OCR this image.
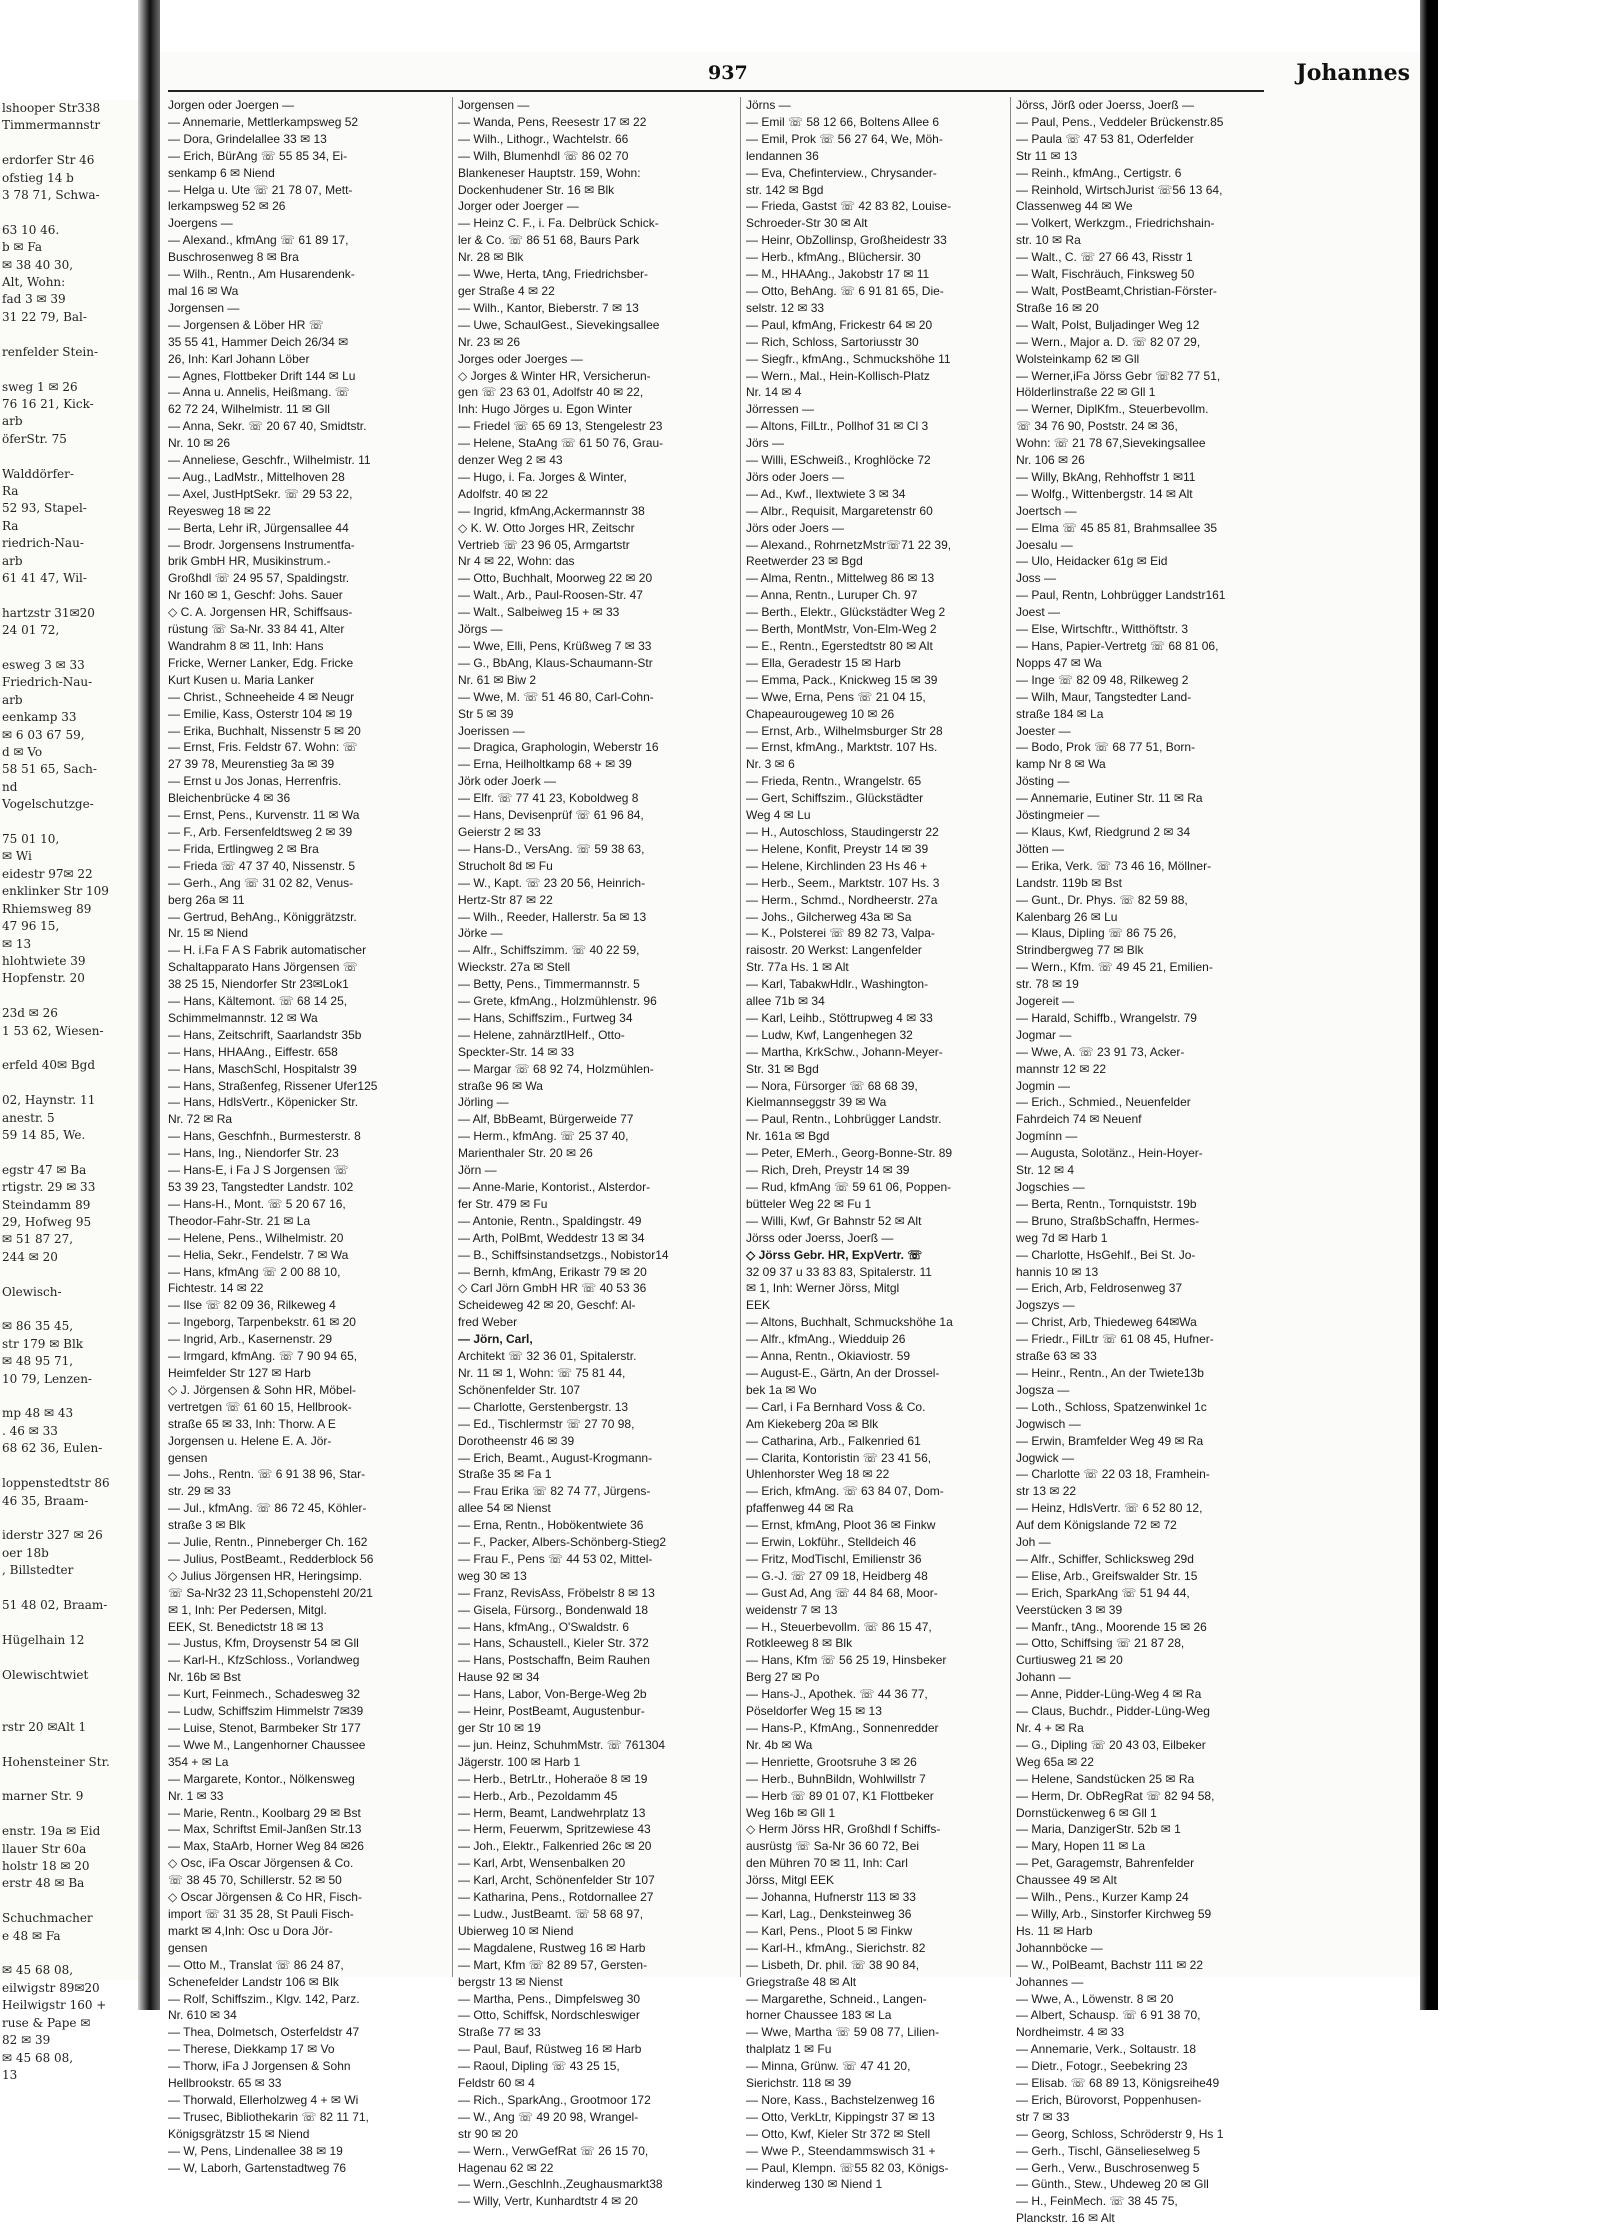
lshooper Str338
Timmermannstr

erdorfer Str 46
ofstieg 14 b
3 78 71, Schwa-

63 10 46.
b ✉ Fa
✉ 38 40 30,
Alt, Wohn:
fad 3 ✉ 39
31 22 79, Bal-

renfelder Stein-

sweg 1 ✉ 26
76 16 21, Kick-
arb
öferStr. 75

Walddörfer-
Ra
52 93, Stapel-
Ra
riedrich-Nau-
arb
61 41 47, Wil-

hartzstr 31✉20
24 01 72,

esweg 3 ✉ 33
Friedrich-Nau-
arb
eenkamp 33
✉ 6 03 67 59,
d ✉ Vo
58 51 65, Sach-
nd
Vogelschutzge-

75 01 10,
✉ Wi
eidestr 97✉ 22
enklinker Str 109
Rhiemsweg 89
47 96 15,
✉ 13
hlohtwiete 39
Hopfenstr. 20

23d ✉ 26
1 53 62, Wiesen-

erfeld 40✉ Bgd

02, Haynstr. 11
anestr. 5
59 14 85, We.

egstr 47 ✉ Ba
rtigstr. 29 ✉ 33
Steindamm 89
29, Hofweg 95
✉ 51 87 27,
244 ✉ 20

Olewisch-

✉ 86 35 45,
str 179 ✉ Blk
✉ 48 95 71,
10 79, Lenzen-

mp 48 ✉ 43
. 46 ✉ 33
68 62 36, Eulen-

loppenstedtstr 86
46 35, Braam-

iderstr 327 ✉ 26
oer 18b
, Billstedter

51 48 02, Braam-

Hügelhain 12

Olewischtwiet

rstr 20 ✉Alt 1

Hohensteiner Str.

marner Str. 9

enstr. 19a ✉ Eid
llauer Str 60a
holstr 18 ✉ 20
erstr 48 ✉ Ba

Schuchmacher
e 48 ✉ Fa

✉ 45 68 08,
eilwigstr 89✉20
Heilwigstr 160 +
ruse & Pape ✉
82 ✉ 39
✉ 45 68 08,
13
937	Johannes
Jorgen oder Joergen —
— Annemarie, Mettlerkampsweg 52
— Dora, Grindelallee 33 ✉ 13
— Erich, BürAng ☏ 55 85 34, Ei-
senkamp 6 ✉ Niend
— Helga u. Ute ☏ 21 78 07, Mett-
lerkampsweg 52 ✉ 26
Joergens —
— Alexand., kfmAng ☏ 61 89 17,
Buschrosenweg 8 ✉ Bra
— Wilh., Rentn., Am Husarendenk-
mal 16 ✉ Wa
Jorgensen —
— Jorgensen & Löber HR ☏
35 55 41, Hammer Deich 26/34 ✉
26, Inh: Karl Johann Löber
— Agnes, Flottbeker Drift 144 ✉ Lu
— Anna u. Annelis, Heißmang. ☏
62 72 24, Wilhelmistr. 11 ✉ Gll
— Anna, Sekr. ☏ 20 67 40, Smidtstr.
Nr. 10 ✉ 26
— Anneliese, Geschfr., Wilhelmistr. 11
— Aug., LadMstr., Mittelhoven 28
— Axel, JustHptSekr. ☏ 29 53 22,
Reyesweg 18 ✉ 22
— Berta, Lehr iR, Jürgensallee 44
— Brodr. Jorgensens Instrumentfa-
brik GmbH HR, Musikinstrum.-
Großhdl ☏ 24 95 57, Spaldingstr.
Nr 160 ✉ 1, Geschf: Johs. Sauer
◇ C. A. Jorgensen HR, Schiffsaus-
rüstung ☏ Sa-Nr. 33 84 41, Alter
Wandrahm 8 ✉ 11, Inh: Hans
Fricke, Werner Lanker, Edg. Fricke
Kurt Kusen u. Maria Lanker
— Christ., Schneeheide 4 ✉ Neugr
— Emilie, Kass, Osterstr 104 ✉ 19
— Erika, Buchhalt, Nissenstr 5 ✉ 20
— Ernst, Fris. Feldstr 67. Wohn: ☏
27 39 78, Meurenstieg 3a ✉ 39
— Ernst u Jos Jonas, Herrenfris.
Bleichenbrücke 4 ✉ 36
— Ernst, Pens., Kurvenstr. 11 ✉ Wa
— F., Arb. Fersenfeldtsweg 2 ✉ 39
— Frida, Ertlingweg 2 ✉ Bra
— Frieda ☏ 47 37 40, Nissenstr. 5
— Gerh., Ang ☏ 31 02 82, Venus-
berg 26a ✉ 11
— Gertrud, BehAng., Königgrätzstr.
Nr. 15 ✉ Niend
— H. i.Fa F A S Fabrik automatischer
Schaltapparato Hans Jörgensen ☏
38 25 15, Niendorfer Str 23✉Lok1
— Hans, Kältemont. ☏ 68 14 25,
Schimmelmannstr. 12 ✉ Wa
— Hans, Zeitschrift, Saarlandstr 35b
— Hans, HHAAng., Eiffestr. 658
— Hans, MaschSchl, Hospitalstr 39
— Hans, Straßenfeg, Rissener Ufer125
— Hans, HdlsVertr., Köpenicker Str.
Nr. 72 ✉ Ra
— Hans, Geschfnh., Burmesterstr. 8
— Hans, Ing., Niendorfer Str. 23
— Hans-E, i Fa J S Jorgensen ☏
53 39 23, Tangstedter Landstr. 102
— Hans-H., Mont. ☏ 5 20 67 16,
Theodor-Fahr-Str. 21 ✉ La
— Helene, Pens., Wilhelmistr. 20
— Helia, Sekr., Fendelstr. 7 ✉ Wa
— Hans, kfmAng ☏ 2 00 88 10,
Fichtestr. 14 ✉ 22
— Ilse ☏ 82 09 36, Rilkeweg 4
— Ingeborg, Tarpenbekstr. 61 ✉ 20
— Ingrid, Arb., Kasernenstr. 29
— Irmgard, kfmAng. ☏ 7 90 94 65,
Heimfelder Str 127 ✉ Harb
◇ J. Jörgensen & Sohn HR, Möbel-
vertretgen ☏ 61 60 15, Hellbrook-
straße 65 ✉ 33, Inh: Thorw. A E
Jorgensen u. Helene E. A. Jör-
gensen
— Johs., Rentn. ☏ 6 91 38 96, Star-
str. 29 ✉ 33
— Jul., kfmAng. ☏ 86 72 45, Köhler-
straße 3 ✉ Blk
— Julie, Rentn., Pinneberger Ch. 162
— Julius, PostBeamt., Redderblock 56
◇ Julius Jörgensen HR, Heringsimp.
☏ Sa-Nr32 23 11,Schopenstehl 20/21
✉ 1, Inh: Per Pedersen, Mitgl.
EEK, St. Benedictstr 18 ✉ 13
— Justus, Kfm, Droysenstr 54 ✉ Gll
— Karl-H., KfzSchloss., Vorlandweg
Nr. 16b ✉ Bst
— Kurt, Feinmech., Schadesweg 32
— Ludw, Schiffszim Himmelstr 7✉39
— Luise, Stenot, Barmbeker Str 177
— Wwe M., Langenhorner Chaussee
354 + ✉ La
— Margarete, Kontor., Nölkensweg
Nr. 1 ✉ 33
— Marie, Rentn., Koolbarg 29 ✉ Bst
— Max, Schriftst Emil-Janßen Str.13
— Max, StaArb, Horner Weg 84 ✉26
◇ Osc, iFa Oscar Jörgensen & Co.
☏ 38 45 70, Schillerstr. 52 ✉ 50
◇ Oscar Jörgensen & Co HR, Fisch-
import ☏ 31 35 28, St Pauli Fisch-
markt ✉ 4,Inh: Osc u Dora Jör-
gensen
— Otto M., Translat ☏ 86 24 87,
Schenefelder Landstr 106 ✉ Blk
— Rolf, Schiffszim., Klgv. 142, Parz.
Nr. 610 ✉ 34
— Thea, Dolmetsch, Osterfeldstr 47
— Therese, Diekkamp 17 ✉ Vo
— Thorw, iFa J Jorgensen & Sohn
Hellbrookstr. 65 ✉ 33
— Thorwald, Ellerholzweg 4 + ✉ Wi
— Trusec, Bibliothekarin ☏ 82 11 71,
Königsgrätzstr 15 ✉ Niend
— W, Pens, Lindenallee 38 ✉ 19
— W, Laborh, Gartenstadtweg 76
Jorgensen —
— Wanda, Pens, Reesestr 17 ✉ 22
— Wilh., Lithogr., Wachtelstr. 66
— Wilh, Blumenhdl ☏ 86 02 70
Blankeneser Hauptstr. 159, Wohn:
Dockenhudener Str. 16 ✉ Blk
Jorger oder Joerger —
— Heinz C. F., i. Fa. Delbrück Schick-
ler & Co. ☏ 86 51 68, Baurs Park
Nr. 28 ✉ Blk
— Wwe, Herta, tAng, Friedrichsber-
ger Straße 4 ✉ 22
— Wilh., Kantor, Bieberstr. 7 ✉ 13
— Uwe, SchaulGest., Sievekingsallee
Nr. 23 ✉ 26
Jorges oder Joerges —
◇ Jorges & Winter HR, Versicherun-
gen ☏ 23 63 01, Adolfstr 40 ✉ 22,
Inh: Hugo Jörges u. Egon Winter
— Friedel ☏ 65 69 13, Stengelestr 23
— Helene, StaAng ☏ 61 50 76, Grau-
denzer Weg 2 ✉ 43
— Hugo, i. Fa. Jorges & Winter,
Adolfstr. 40 ✉ 22
— Ingrid, kfmAng,Ackermannstr 38
◇ K. W. Otto Jorges HR, Zeitschr
Vertrieb ☏ 23 96 05, Armgartstr
Nr 4 ✉ 22, Wohn: das
— Otto, Buchhalt, Moorweg 22 ✉ 20
— Walt., Arb., Paul-Roosen-Str. 47
— Walt., Salbeiweg 15 + ✉ 33
Jörgs —
— Wwe, Elli, Pens, Krüßweg 7 ✉ 33
— G., BbAng, Klaus-Schaumann-Str
Nr. 61 ✉ Biw 2
— Wwe, M. ☏ 51 46 80, Carl-Cohn-
Str 5 ✉ 39
Joerissen —
— Dragica, Graphologin, Weberstr 16
— Erna, Heilholtkamp 68 + ✉ 39
Jörk oder Joerk —
— Elfr. ☏ 77 41 23, Koboldweg 8
— Hans, Devisenprüf ☏ 61 96 84,
Geierstr 2 ✉ 33
— Hans-D., VersAng. ☏ 59 38 63,
Strucholt 8d ✉ Fu
— W., Kapt. ☏ 23 20 56, Heinrich-
Hertz-Str 87 ✉ 22
— Wilh., Reeder, Hallerstr. 5a ✉ 13
Jörke —
— Alfr., Schiffszimm. ☏ 40 22 59,
Wieckstr. 27a ✉ Stell
— Betty, Pens., Timmermannstr. 5
— Grete, kfmAng., Holzmühlenstr. 96
— Hans, Schiffszim., Furtweg 34
— Helene, zahnärztlHelf., Otto-
Speckter-Str. 14 ✉ 33
— Margar ☏ 68 92 74, Holzmühlen-
straße 96 ✉ Wa
Jörling —
— Alf, BbBeamt, Bürgerweide 77
— Herm., kfmAng. ☏ 25 37 40,
Marienthaler Str. 20 ✉ 26
Jörn —
— Anne-Marie, Kontorist., Alsterdor-
fer Str. 479 ✉ Fu
— Antonie, Rentn., Spaldingstr. 49
— Arth, PolBmt, Weddestr 13 ✉ 34
— B., Schiffsinstandsetzgs., Nobistor14
— Bernh, kfmAng, Erikastr 79 ✉ 20
◇ Carl Jörn GmbH HR ☏ 40 53 36
Scheideweg 42 ✉ 20, Geschf: Al-
fred Weber
— Jörn, Carl,
Architekt ☏ 32 36 01, Spitalerstr.
Nr. 11 ✉ 1, Wohn: ☏ 75 81 44,
Schönenfelder Str. 107
— Charlotte, Gerstenbergstr. 13
— Ed., Tischlermstr ☏ 27 70 98,
Dorotheenstr 46 ✉ 39
— Erich, Beamt., August-Krogmann-
Straße 35 ✉ Fa 1
— Frau Erika ☏ 82 74 77, Jürgens-
allee 54 ✉ Nienst
— Erna, Rentn., Hobökentwiete 36
— F., Packer, Albers-Schönberg-Stieg2
— Frau F., Pens ☏ 44 53 02, Mittel-
weg 30 ✉ 13
— Franz, RevisAss, Fröbelstr 8 ✉ 13
— Gisela, Fürsorg., Bondenwald 18
— Hans, kfmAng., O'Swaldstr. 6
— Hans, Schaustell., Kieler Str. 372
— Hans, Postschaffn, Beim Rauhen
Hause 92 ✉ 34
— Hans, Labor, Von-Berge-Weg 2b
— Heinr, PostBeamt, Augustenbur-
ger Str 10 ✉ 19
— jun. Heinz, SchuhmMstr. ☏ 761304
Jägerstr. 100 ✉ Harb 1
— Herb., BetrLtr., Hoheraöe 8 ✉ 19
— Herb., Arb., Pezoldamm 45
— Herm, Beamt, Landwehrplatz 13
— Herm, Feuerwm, Spritzewiese 43
— Joh., Elektr., Falkenried 26c ✉ 20
— Karl, Arbt, Wensenbalken 20
— Karl, Archt, Schönenfelder Str 107
— Katharina, Pens., Rotdornallee 27
— Ludw., JustBeamt. ☏ 58 68 97,
Ubierweg 10 ✉ Niend
— Magdalene, Rustweg 16 ✉ Harb
— Mart, Kfm ☏ 82 89 57, Gersten-
bergstr 13 ✉ Nienst
— Martha, Pens., Dimpfelsweg 30
— Otto, Schiffsk, Nordschleswiger
Straße 77 ✉ 33
— Paul, Bauf, Rüstweg 16 ✉ Harb
— Raoul, Dipling ☏ 43 25 15,
Feldstr 60 ✉ 4
— Rich., SparkAng., Grootmoor 172
— W., Ang ☏ 49 20 98, Wrangel-
str 90 ✉ 20
— Wern., VerwGefRat ☏ 26 15 70,
Hagenau 62 ✉ 22
— Wern.,Geschlnh.,Zeughausmarkt38
— Willy, Vertr, Kunhardtstr 4 ✉ 20
Jörns —
— Emil ☏ 58 12 66, Boltens Allee 6
— Emil, Prok ☏ 56 27 64, We, Möh-
lendannen 36
— Eva, Chefinterview., Chrysander-
str. 142 ✉ Bgd
— Frieda, Gastst ☏ 42 83 82, Louise-
Schroeder-Str 30 ✉ Alt
— Heinr, ObZollinsp, Großheidestr 33
— Herb., kfmAng., Blüchersir. 30
— M., HHAAng., Jakobstr 17 ✉ 11
— Otto, BehAng. ☏ 6 91 81 65, Die-
selstr. 12 ✉ 33
— Paul, kfmAng, Frickestr 64 ✉ 20
— Rich, Schloss, Sartoriusstr 30
— Siegfr., kfmAng., Schmuckshöhe 11
— Wern., Mal., Hein-Kollisch-Platz
Nr. 14 ✉ 4
Jörressen —
— Altons, FilLtr., Pollhof 31 ✉ Cl 3
Jörs —
— Willi, ESchweiß., Kroghlöcke 72
Jörs oder Joers —
— Ad., Kwf., Ilextwiete 3 ✉ 34
— Albr., Requisit, Margaretenstr 60
Jörs oder Joers —
— Alexand., RohrnetzMstr☏71 22 39,
Reetwerder 23 ✉ Bgd
— Alma, Rentn., Mittelweg 86 ✉ 13
— Anna, Rentn., Luruper Ch. 97
— Berth., Elektr., Glückstädter Weg 2
— Berth, MontMstr, Von-Elm-Weg 2
— E., Rentn., Egerstedtstr 80 ✉ Alt
— Ella, Geradestr 15 ✉ Harb
— Emma, Pack., Knickweg 15 ✉ 39
— Wwe, Erna, Pens ☏ 21 04 15,
Chapeaurougeweg 10 ✉ 26
— Ernst, Arb., Wilhelmsburger Str 28
— Ernst, kfmAng., Marktstr. 107 Hs.
Nr. 3 ✉ 6
— Frieda, Rentn., Wrangelstr. 65
— Gert, Schiffszim., Glückstädter
Weg 4 ✉ Lu
— H., Autoschloss, Staudingerstr 22
— Helene, Konfit, Preystr 14 ✉ 39
— Helene, Kirchlinden 23 Hs 46 +
— Herb., Seem., Marktstr. 107 Hs. 3
— Herm., Schmd., Nordheerstr. 27a
— Johs., Gilcherweg 43a ✉ Sa
— K., Polsterei ☏ 89 82 73, Valpa-
raisostr. 20 Werkst: Langenfelder
Str. 77a Hs. 1 ✉ Alt
— Karl, TabakwHdlr., Washington-
allee 71b ✉ 34
— Karl, Leihb., Stöttrupweg 4 ✉ 33
— Ludw, Kwf, Langenhegen 32
— Martha, KrkSchw., Johann-Meyer-
Str. 31 ✉ Bgd
— Nora, Fürsorger ☏ 68 68 39,
Kielmannseggstr 39 ✉ Wa
— Paul, Rentn., Lohbrügger Landstr.
Nr. 161a ✉ Bgd
— Peter, EMerh., Georg-Bonne-Str. 89
— Rich, Dreh, Preystr 14 ✉ 39
— Rud, kfmAng ☏ 59 61 06, Poppen-
bütteler Weg 22 ✉ Fu 1
— Willi, Kwf, Gr Bahnstr 52 ✉ Alt
Jörss oder Joerss, Joerß —
◇ Jörss Gebr. HR, ExpVertr. ☏
32 09 37 u 33 83 83, Spitalerstr. 11
✉ 1, Inh: Werner Jörss, Mitgl
EEK
— Altons, Buchhalt, Schmuckshöhe 1a
— Alfr., kfmAng., Wiedduip 26
— Anna, Rentn., Okiaviostr. 59
— August-E., Gärtn, An der Drossel-
bek 1a ✉ Wo
— Carl, i Fa Bernhard Voss & Co.
Am Kiekeberg 20a ✉ Blk
— Catharina, Arb., Falkenried 61
— Clarita, Kontoristin ☏ 23 41 56,
Uhlenhorster Weg 18 ✉ 22
— Erich, kfmAng. ☏ 63 84 07, Dom-
pfaffenweg 44 ✉ Ra
— Ernst, kfmAng, Ploot 36 ✉ Finkw
— Erwin, Lokführ., Stelldeich 46
— Fritz, ModTischl, Emilienstr 36
— G.-J. ☏ 27 09 18, Heidberg 48
— Gust Ad, Ang ☏ 44 84 68, Moor-
weidenstr 7 ✉ 13
— H., Steuerbevollm. ☏ 86 15 47,
Rotkleeweg 8 ✉ Blk
— Hans, Kfm ☏ 56 25 19, Hinsbeker
Berg 27 ✉ Po
— Hans-J., Apothek. ☏ 44 36 77,
Pöseldorfer Weg 15 ✉ 13
— Hans-P., KfmAng., Sonnenredder
Nr. 4b ✉ Wa
— Henriette, Grootsruhe 3 ✉ 26
— Herb., BuhnBildn, Wohlwillstr 7
— Herb ☏ 89 01 07, K1 Flottbeker
Weg 16b ✉ Gll 1
◇ Herm Jörss HR, Großhdl f Schiffs-
ausrüstg ☏ Sa-Nr 36 60 72, Bei
den Mühren 70 ✉ 11, Inh: Carl
Jörss, Mitgl EEK
— Johanna, Hufnerstr 113 ✉ 33
— Karl, Lag., Denksteinweg 36
— Karl, Pens., Ploot 5 ✉ Finkw
— Karl-H., kfmAng., Sierichstr. 82
— Lisbeth, Dr. phil. ☏ 38 90 84,
Griegstraße 48 ✉ Alt
— Margarethe, Schneid., Langen-
horner Chaussee 183 ✉ La
— Wwe, Martha ☏ 59 08 77, Lilien-
thalplatz 1 ✉ Fu
— Minna, Grünw. ☏ 47 41 20,
Sierichstr. 118 ✉ 39
— Nore, Kass., Bachstelzenweg 16
— Otto, VerkLtr, Kippingstr 37 ✉ 13
— Otto, Kwf, Kieler Str 372 ✉ Stell
— Wwe P., Steendammswisch 31 +
— Paul, Klempn. ☏55 82 03, Königs-
kinderweg 130 ✉ Niend 1
Jörss, Jörß oder Joerss, Joerß —
— Paul, Pens., Veddeler Brückenstr.85
— Paula ☏ 47 53 81, Oderfelder
Str 11 ✉ 13
— Reinh., kfmAng., Certigstr. 6
— Reinhold, WirtschJurist ☏56 13 64,
Classenweg 44 ✉ We
— Volkert, Werkzgm., Friedrichshain-
str. 10 ✉ Ra
— Walt., C. ☏ 27 66 43, Risstr 1
— Walt, Fischräuch, Finksweg 50
— Walt, PostBeamt,Christian-Förster-
Straße 16 ✉ 20
— Walt, Polst, Buljadinger Weg 12
— Wern., Major a. D. ☏ 82 07 29,
Wolsteinkamp 62 ✉ Gll
— Werner,iFa Jörss Gebr ☏82 77 51,
Hölderlinstraße 22 ✉ Gll 1
— Werner, DiplKfm., Steuerbevollm.
☏ 34 76 90, Poststr. 24 ✉ 36,
Wohn: ☏ 21 78 67,Sievekingsallee
Nr. 106 ✉ 26
— Willy, BkAng, Rehhoffstr 1 ✉11
— Wolfg., Wittenbergstr. 14 ✉ Alt
Joertsch —
— Elma ☏ 45 85 81, Brahmsallee 35
Joesalu —
— Ulo, Heidacker 61g ✉ Eid
Joss —
— Paul, Rentn, Lohbrügger Landstr161
Joest —
— Else, Wirtschftr., Witthöftstr. 3
— Hans, Papier-Vertretg ☏ 68 81 06,
Nopps 47 ✉ Wa
— Inge ☏ 82 09 48, Rilkeweg 2
— Wilh, Maur, Tangstedter Land-
straße 184 ✉ La
Joester —
— Bodo, Prok ☏ 68 77 51, Born-
kamp Nr 8 ✉ Wa
Jösting —
— Annemarie, Eutiner Str. 11 ✉ Ra
Jöstingmeier —
— Klaus, Kwf, Riedgrund 2 ✉ 34
Jötten —
— Erika, Verk. ☏ 73 46 16, Möllner-
Landstr. 119b ✉ Bst
— Gunt., Dr. Phys. ☏ 82 59 88,
Kalenbarg 26 ✉ Lu
— Klaus, Dipling ☏ 86 75 26,
Strindbergweg 77 ✉ Blk
— Wern., Kfm. ☏ 49 45 21, Emilien-
str. 78 ✉ 19
Jogereit —
— Harald, Schiffb., Wrangelstr. 79
Jogmar —
— Wwe, A. ☏ 23 91 73, Acker-
mannstr 12 ✉ 22
Jogmin —
— Erich., Schmied., Neuenfelder
Fahrdeich 74 ✉ Neuenf
Jogmínn —
— Augusta, Solotänz., Hein-Hoyer-
Str. 12 ✉ 4
Jogschies —
— Berta, Rentn., Tornquiststr. 19b
— Bruno, StraßbSchaffn, Hermes-
weg 7d ✉ Harb 1
— Charlotte, HsGehlf., Bei St. Jo-
hannis 10 ✉ 13
— Erich, Arb, Feldrosenweg 37
Jogszys —
— Christ, Arb, Thiedeweg 64✉Wa
— Friedr., FilLtr ☏ 61 08 45, Hufner-
straße 63 ✉ 33
— Heinr., Rentn., An der Twiete13b
Jogsza —
— Loth., Schloss, Spatzenwinkel 1c
Jogwisch —
— Erwin, Bramfelder Weg 49 ✉ Ra
Jogwick —
— Charlotte ☏ 22 03 18, Framhein-
str 13 ✉ 22
— Heinz, HdlsVertr. ☏ 6 52 80 12,
Auf dem Königslande 72 ✉ 72
Joh —
— Alfr., Schiffer, Schlicksweg 29d
— Elise, Arb., Greifswalder Str. 15
— Erich, SparkAng ☏ 51 94 44,
Veerstücken 3 ✉ 39
— Manfr., tAng., Moorende 15 ✉ 26
— Otto, Schiffsing ☏ 21 87 28,
Curtiusweg 21 ✉ 20
Johann —
— Anne, Pidder-Lüng-Weg 4 ✉ Ra
— Claus, Buchdr., Pidder-Lüng-Weg
Nr. 4 + ✉ Ra
— G., Dipling ☏ 20 43 03, Eilbeker
Weg 65a ✉ 22
— Helene, Sandstücken 25 ✉ Ra
— Herm, Dr. ObRegRat ☏ 82 94 58,
Dornstückenweg 6 ✉ Gll 1
— Maria, DanzigerStr. 52b ✉ 1
— Mary, Hopen 11 ✉ La
— Pet, Garagemstr, Bahrenfelder
Chaussee 49 ✉ Alt
— Wilh., Pens., Kurzer Kamp 24
— Willy, Arb., Sinstorfer Kirchweg 59
Hs. 11 ✉ Harb
Johannböcke —
— W., PolBeamt, Bachstr 111 ✉ 22
Johannes —
— Wwe, A., Löwenstr. 8 ✉ 20
— Albert, Schausp. ☏ 6 91 38 70,
Nordheimstr. 4 ✉ 33
— Annemarie, Verk., Soltaustr. 18
— Dietr., Fotogr., Seebekring 23
— Elisab. ☏ 68 89 13, Königsreihe49
— Erich, Bürovorst, Poppenhusen-
str 7 ✉ 33
— Georg, Schloss, Schröderstr 9, Hs 1
— Gerh., Tischl, Gänselieselweg 5
— Gerh., Verw., Buschrosenweg 5
— Günth., Stew., Uhdeweg 20 ✉ Gll
— H., FeinMech. ☏ 38 45 75,
Planckstr. 16 ✉ Alt
